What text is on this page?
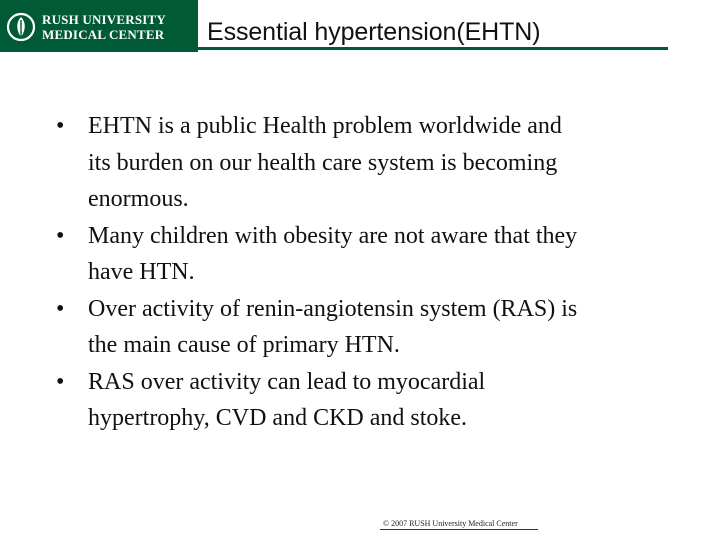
RUSH UNIVERSITY
MEDICAL CENTER Essential hypertension(EHTN)
• EHTN is a public Health problem worldwide and
its burden on our health care system is becoming
enormous.
• Many children with obesity are not aware that they
have HTN.
• Over activity of renin-angiotensin system (RAS) is
the main cause of primary HTN.
• RAS over activity can lead to myocardial
hypertrophy, CVD and CKD and stoke.
© 2007 RUSH University Medical Center
